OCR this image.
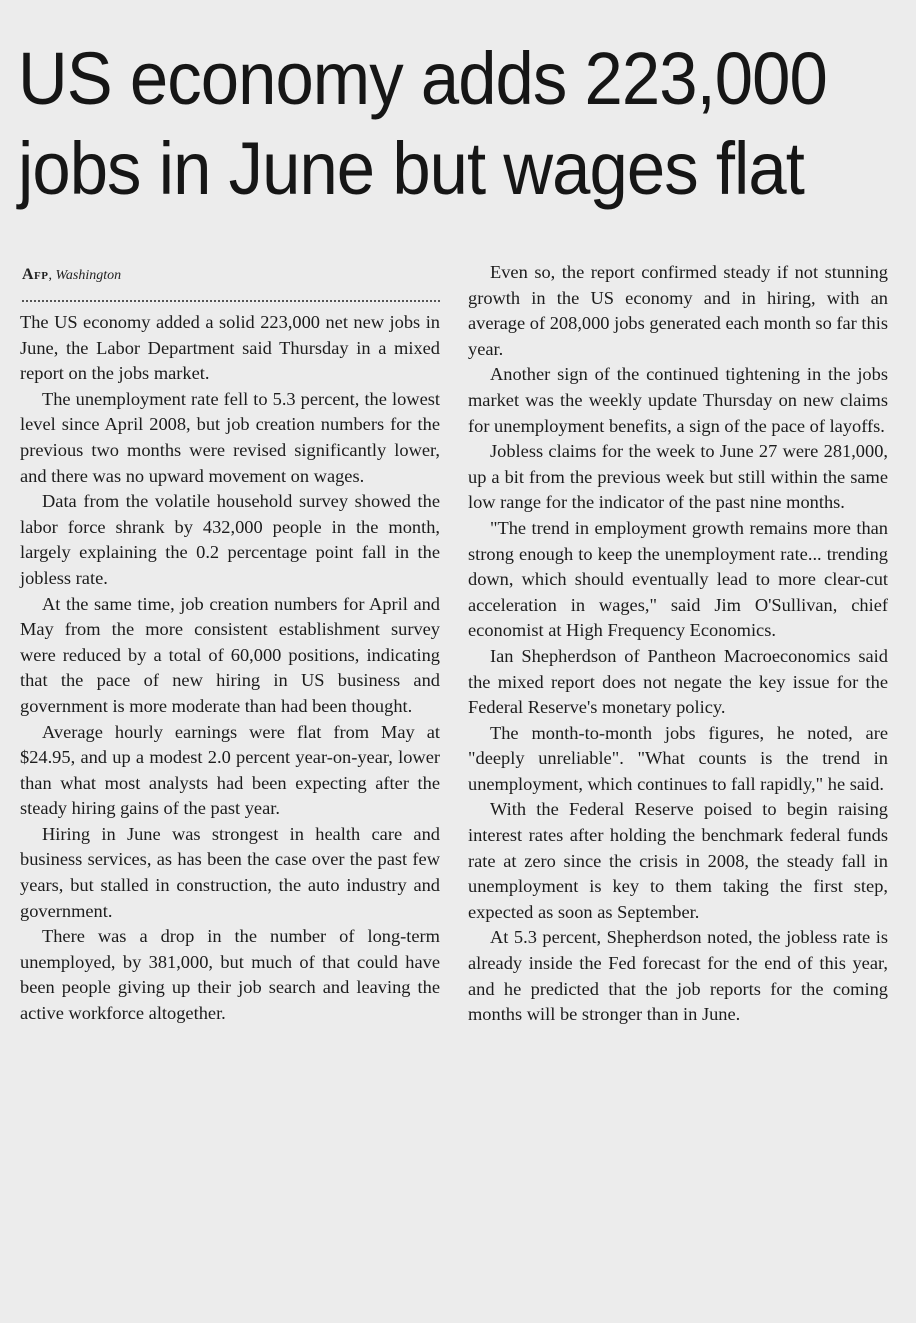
US economy adds 223,000 jobs in June but wages flat
Afp, Washington

The US economy added a solid 223,000 net new jobs in June, the Labor Department said Thursday in a mixed report on the jobs market.

The unemployment rate fell to 5.3 percent, the lowest level since April 2008, but job creation numbers for the previous two months were revised significantly lower, and there was no upward movement on wages.

Data from the volatile household survey showed the labor force shrank by 432,000 people in the month, largely explaining the 0.2 percentage point fall in the jobless rate.

At the same time, job creation numbers for April and May from the more consistent establishment survey were reduced by a total of 60,000 positions, indicating that the pace of new hiring in US business and government is more moderate than had been thought.

Average hourly earnings were flat from May at $24.95, and up a modest 2.0 percent year-on-year, lower than what most analysts had been expecting after the steady hiring gains of the past year.

Hiring in June was strongest in health care and business services, as has been the case over the past few years, but stalled in construction, the auto industry and government.

There was a drop in the number of long-term unemployed, by 381,000, but much of that could have been people giving up their job search and leaving the active workforce altogether.

Even so, the report confirmed steady if not stunning growth in the US economy and in hiring, with an average of 208,000 jobs generated each month so far this year.

Another sign of the continued tightening in the jobs market was the weekly update Thursday on new claims for unemployment benefits, a sign of the pace of layoffs.

Jobless claims for the week to June 27 were 281,000, up a bit from the previous week but still within the same low range for the indicator of the past nine months.

"The trend in employment growth remains more than strong enough to keep the unemployment rate... trending down, which should eventually lead to more clear-cut acceleration in wages," said Jim O'Sullivan, chief economist at High Frequency Economics.

Ian Shepherdson of Pantheon Macroeconomics said the mixed report does not negate the key issue for the Federal Reserve's monetary policy.

The month-to-month jobs figures, he noted, are "deeply unreliable". "What counts is the trend in unemployment, which continues to fall rapidly," he said.

With the Federal Reserve poised to begin raising interest rates after holding the benchmark federal funds rate at zero since the crisis in 2008, the steady fall in unemployment is key to them taking the first step, expected as soon as September.

At 5.3 percent, Shepherdson noted, the jobless rate is already inside the Fed forecast for the end of this year, and he predicted that the job reports for the coming months will be stronger than in June.
